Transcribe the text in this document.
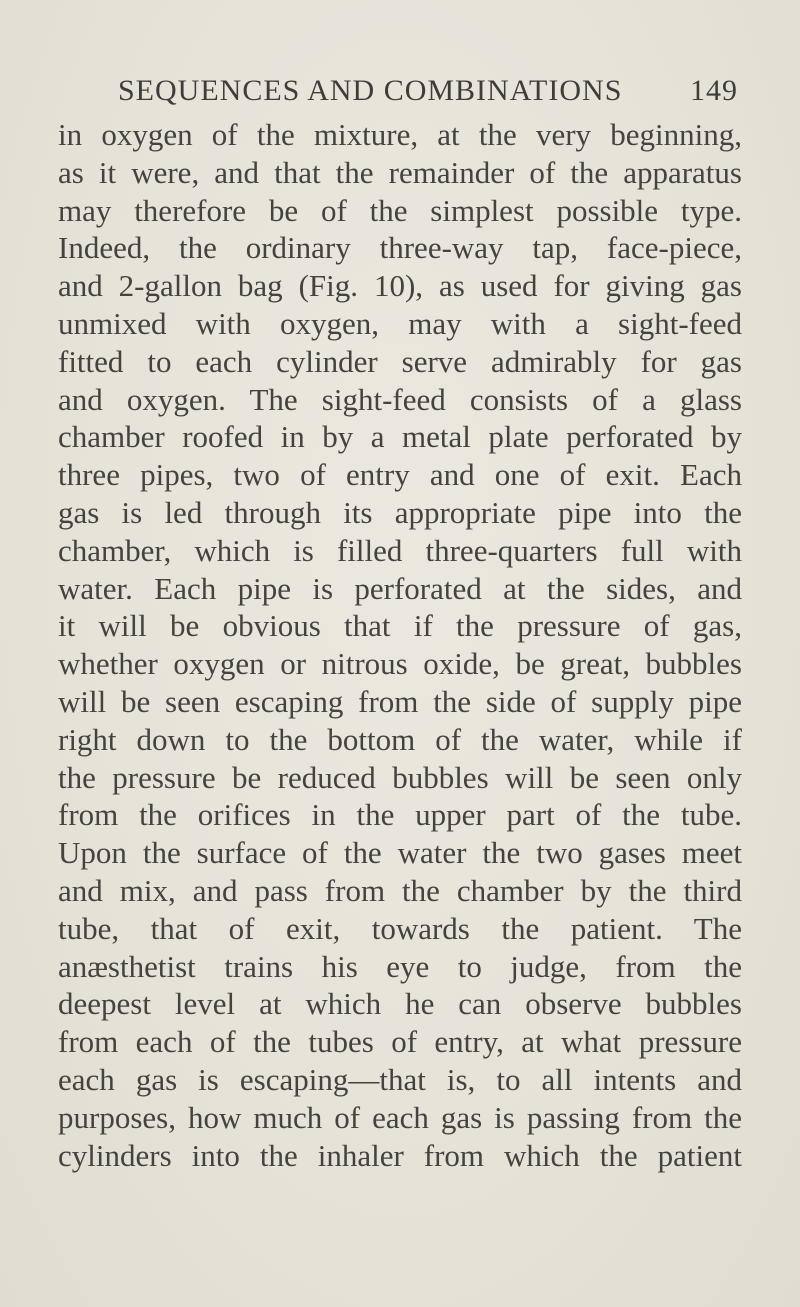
SEQUENCES AND COMBINATIONS 149
in oxygen of the mixture, at the very beginning,
as it were, and that the remainder of the apparatus
may therefore be of the simplest possible type.
Indeed, the ordinary three-way tap, face-piece,
and 2-gallon bag (Fig. 10), as used for giving gas
unmixed with oxygen, may with a sight-feed
fitted to each cylinder serve admirably for gas
and oxygen. The sight-feed consists of a glass
chamber roofed in by a metal plate perforated by
three pipes, two of entry and one of exit. Each
gas is led through its appropriate pipe into the
chamber, which is filled three-quarters full with
water. Each pipe is perforated at the sides, and
it will be obvious that if the pressure of gas,
whether oxygen or nitrous oxide, be great, bubbles
will be seen escaping from the side of supply pipe
right down to the bottom of the water, while if
the pressure be reduced bubbles will be seen only
from the orifices in the upper part of the tube.
Upon the surface of the water the two gases meet
and mix, and pass from the chamber by the third
tube, that of exit, towards the patient. The
anæsthetist trains his eye to judge, from the
deepest level at which he can observe bubbles
from each of the tubes of entry, at what pressure
each gas is escaping—that is, to all intents and
purposes, how much of each gas is passing from the
cylinders into the inhaler from which the patient
